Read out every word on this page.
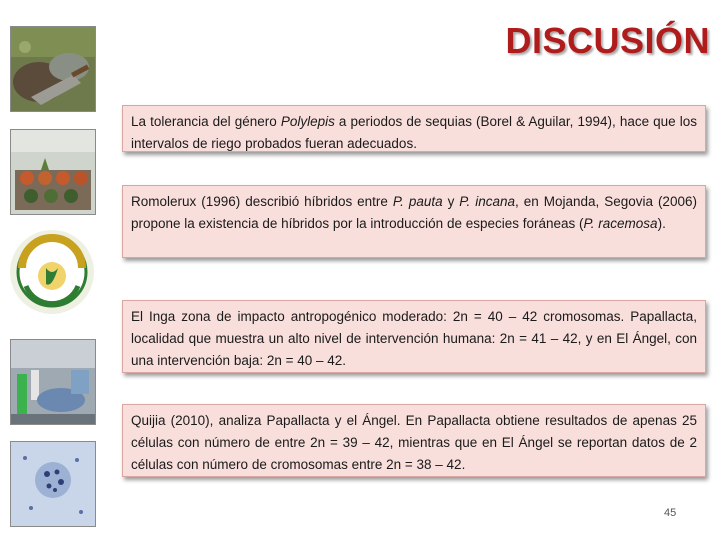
DISCUSIÓN
La tolerancia del género Polylepis a periodos de sequias (Borel & Aguilar, 1994), hace que los intervalos de riego probados fueran adecuados.
Romolerux (1996) describió híbridos entre P. pauta y P. incana, en Mojanda, Segovia (2006) propone la existencia de híbridos por la introducción de especies foráneas (P. racemosa).
El Inga zona de impacto antropogénico moderado: 2n = 40 – 42 cromosomas. Papallacta, localidad que muestra un alto nivel de intervención humana: 2n = 41 – 42, y en El Ángel, con una intervención baja: 2n = 40 – 42.
Quijia (2010), analiza Papallacta y el Ángel. En Papallacta obtiene resultados de apenas 25 células con número de entre 2n = 39 – 42, mientras que en El Ángel se reportan datos de 2 células con número de cromosomas entre 2n = 38 – 42.
45
